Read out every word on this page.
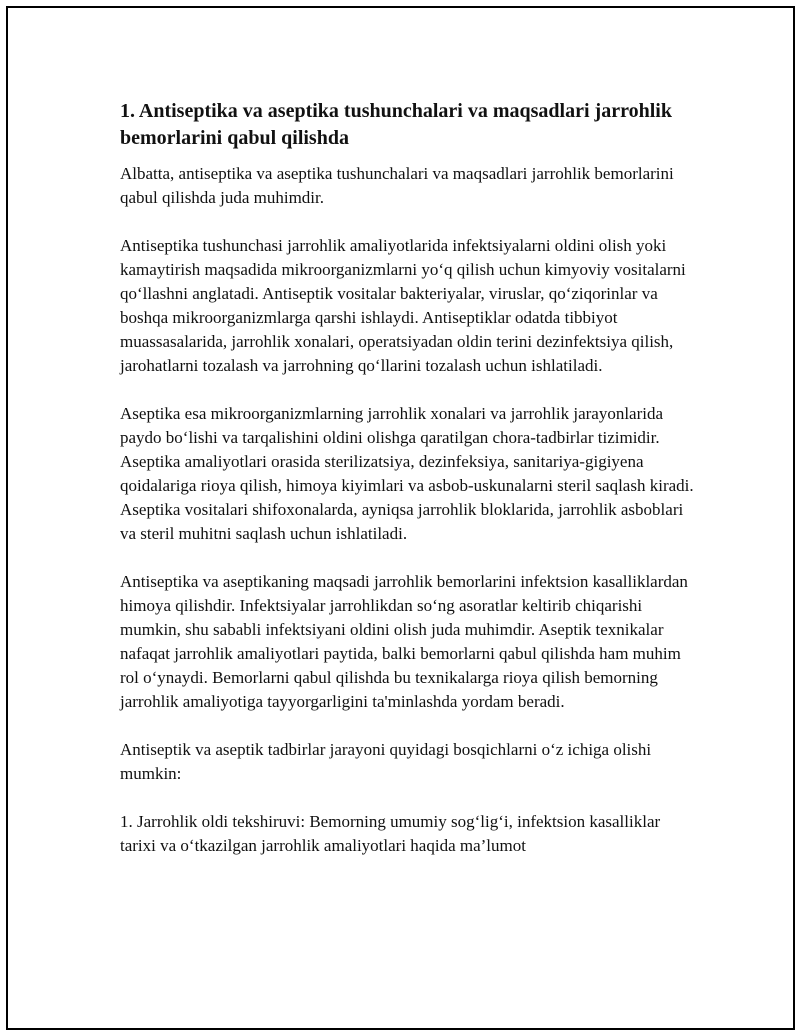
1. Antiseptika va aseptika tushunchalari va maqsadlari jarrohlik bemorlarini qabul qilishda

Albatta, antiseptika va aseptika tushunchalari va maqsadlari jarrohlik bemorlarini qabul qilishda juda muhimdir.

Antiseptika tushunchasi jarrohlik amaliyotlarida infektsiyalarni oldini olish yoki kamaytirish maqsadida mikroorganizmlarni yo‘q qilish uchun kimyoviy vositalarni qo‘llashni anglatadi. Antiseptik vositalar bakteriyalar, viruslar, qo‘ziqorinlar va boshqa mikroorganizmlarga qarshi ishlaydi. Antiseptiklar odatda tibbiyot muassasalarida, jarrohlik xonalari, operatsiyadan oldin terini dezinfektsiya qilish, jarohatlarni tozalash va jarrohning qo‘llarini tozalash uchun ishlatiladi.

Aseptika esa mikroorganizmlarning jarrohlik xonalari va jarrohlik jarayonlarida paydo bo‘lishi va tarqalishini oldini olishga qaratilgan chora-tadbirlar tizimidir. Aseptika amaliyotlari orasida sterilizatsiya, dezinfeksiya, sanitariya-gigiyena qoidalariga rioya qilish, himoya kiyimlari va asbob-uskunalarni steril saqlash kiradi. Aseptika vositalari shifoxonalarda, ayniqsa jarrohlik bloklarida, jarrohlik asboblari va steril muhitni saqlash uchun ishlatiladi.

Antiseptika va aseptikaning maqsadi jarrohlik bemorlarini infektsion kasalliklardan himoya qilishdir. Infektsiyalar jarrohlikdan so‘ng asoratlar keltirib chiqarishi mumkin, shu sababli infektsiyani oldini olish juda muhimdir. Aseptik texnikalar nafaqat jarrohlik amaliyotlari paytida, balki bemorlarni qabul qilishda ham muhim rol o‘ynaydi. Bemorlarni qabul qilishda bu texnikalarga rioya qilish bemorning jarrohlik amaliyotiga tayyorgarligini ta'minlashda yordam beradi.

Antiseptik va aseptik tadbirlar jarayoni quyidagi bosqichlarni o‘z ichiga olishi mumkin:

1. Jarrohlik oldi tekshiruvi: Bemorning umumiy sog‘lig‘i, infektsion kasalliklar tarixi va o‘tkazilgan jarrohlik amaliyotlari haqida ma’lumot
